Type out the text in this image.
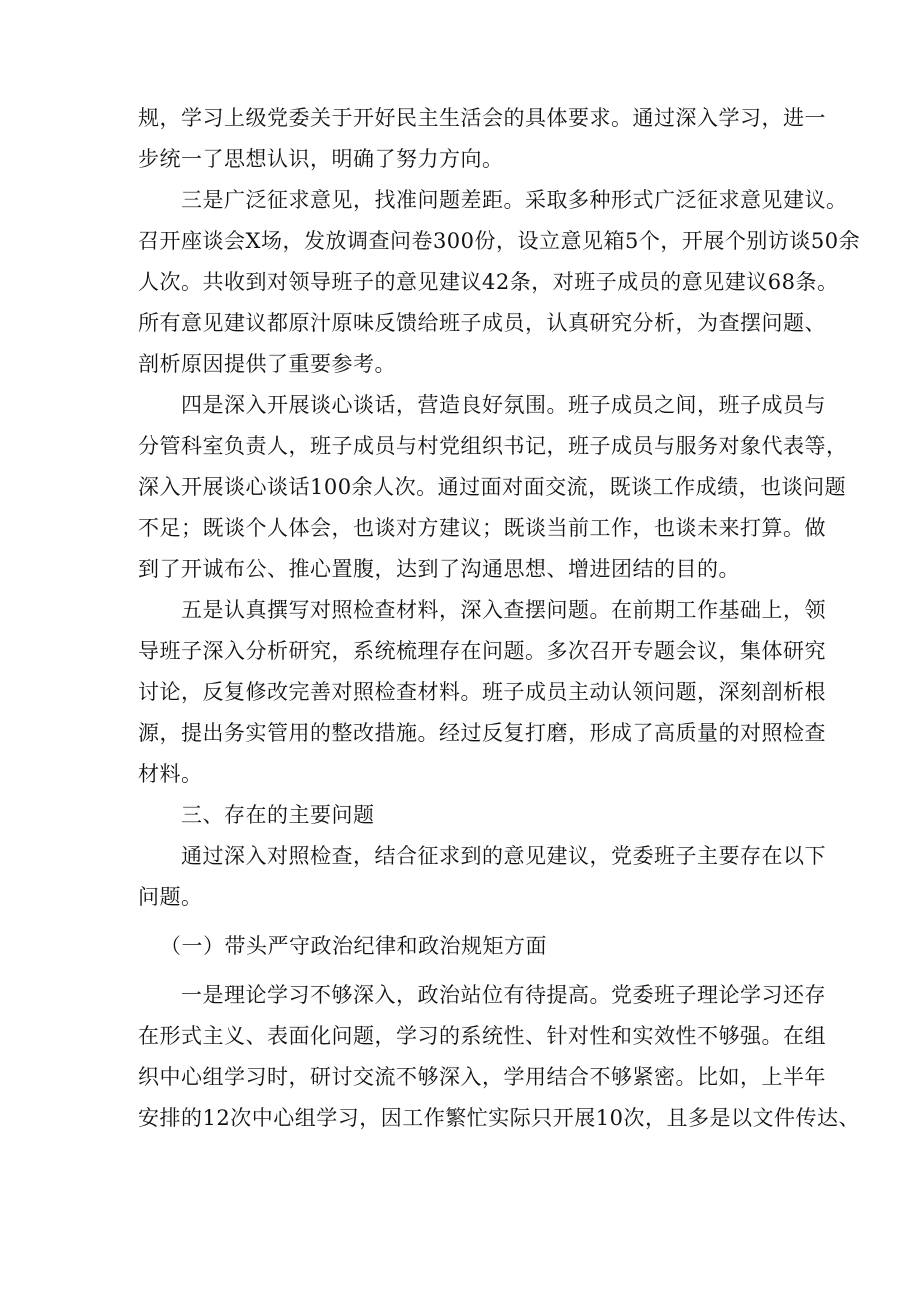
规，学习上级党委关于开好民主生活会的具体要求。通过深入学习，进一
步统一了思想认识，明确了努力方向。
三是广泛征求意见，找准问题差距。采取多种形式广泛征求意见建议。
召开座谈会X场，发放调查问卷300份，设立意见箱5个，开展个别访谈50余
人次。共收到对领导班子的意见建议42条，对班子成员的意见建议68条。
所有意见建议都原汁原味反馈给班子成员，认真研究分析，为查摆问题、
剖析原因提供了重要参考。
四是深入开展谈心谈话，营造良好氛围。班子成员之间，班子成员与
分管科室负责人，班子成员与村党组织书记，班子成员与服务对象代表等，
深入开展谈心谈话100余人次。通过面对面交流，既谈工作成绩，也谈问题
不足；既谈个人体会，也谈对方建议；既谈当前工作，也谈未来打算。做
到了开诚布公、推心置腹，达到了沟通思想、增进团结的目的。
五是认真撰写对照检查材料，深入查摆问题。在前期工作基础上，领
导班子深入分析研究，系统梳理存在问题。多次召开专题会议，集体研究
讨论，反复修改完善对照检查材料。班子成员主动认领问题，深刻剖析根
源，提出务实管用的整改措施。经过反复打磨，形成了高质量的对照检查
材料。
三、存在的主要问题
通过深入对照检查，结合征求到的意见建议，党委班子主要存在以下
问题。
（一）带头严守政治纪律和政治规矩方面
一是理论学习不够深入，政治站位有待提高。党委班子理论学习还存
在形式主义、表面化问题，学习的系统性、针对性和实效性不够强。在组
织中心组学习时，研讨交流不够深入，学用结合不够紧密。比如，上半年
安排的12次中心组学习，因工作繁忙实际只开展10次，且多是以文件传达、
